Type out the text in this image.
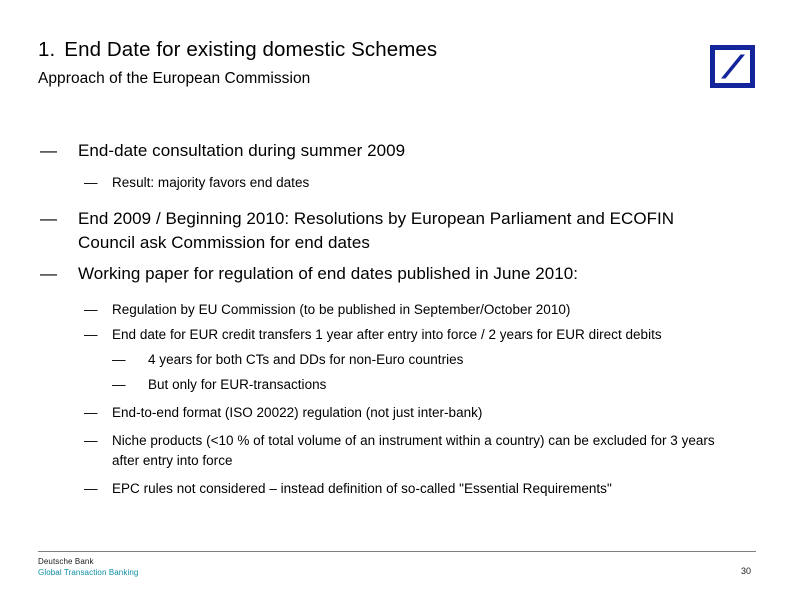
1. End Date for existing domestic Schemes
Approach of the European Commission
—	End-date consultation during summer 2009
—	Result: majority favors end dates
—	End 2009 / Beginning 2010: Resolutions by European Parliament and ECOFIN Council ask Commission for end dates
—	Working paper for regulation of end dates published in June 2010:
—	Regulation by EU Commission (to be published in September/October 2010)
—	End date for EUR credit transfers 1 year after entry into force / 2 years for EUR direct debits
—	4 years for both CTs and DDs for non-Euro countries
—	But only for EUR-transactions
—	End-to-end format (ISO 20022) regulation (not just inter-bank)
—	Niche products (<10 % of total volume of an instrument within a country) can be excluded for 3 years after entry into force
—	EPC rules not considered – instead definition of so-called "Essential Requirements"
Deutsche Bank
Global Transaction Banking	30
